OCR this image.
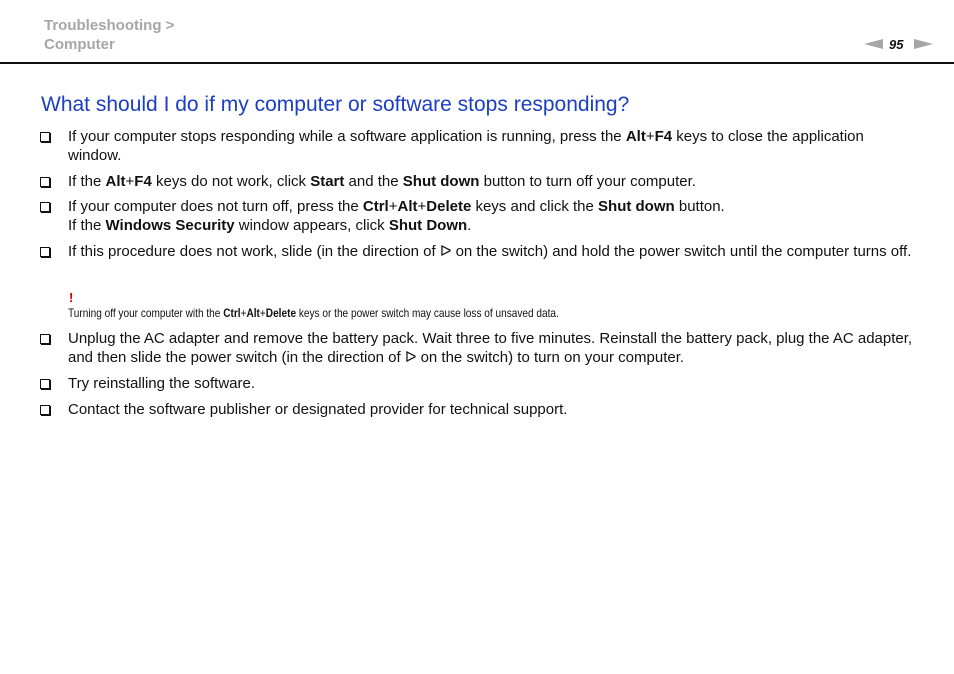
Troubleshooting >
Computer	95
What should I do if my computer or software stops responding?
If your computer stops responding while a software application is running, press the Alt+F4 keys to close the application window.
If the Alt+F4 keys do not work, click Start and the Shut down button to turn off your computer.
If your computer does not turn off, press the Ctrl+Alt+Delete keys and click the Shut down button.
If the Windows Security window appears, click Shut Down.
If this procedure does not work, slide (in the direction of ᐅ on the switch) and hold the power switch until the computer turns off.
!
Turning off your computer with the Ctrl+Alt+Delete keys or the power switch may cause loss of unsaved data.
Unplug the AC adapter and remove the battery pack. Wait three to five minutes. Reinstall the battery pack, plug the AC adapter, and then slide the power switch (in the direction of ᐅ on the switch) to turn on your computer.
Try reinstalling the software.
Contact the software publisher or designated provider for technical support.
